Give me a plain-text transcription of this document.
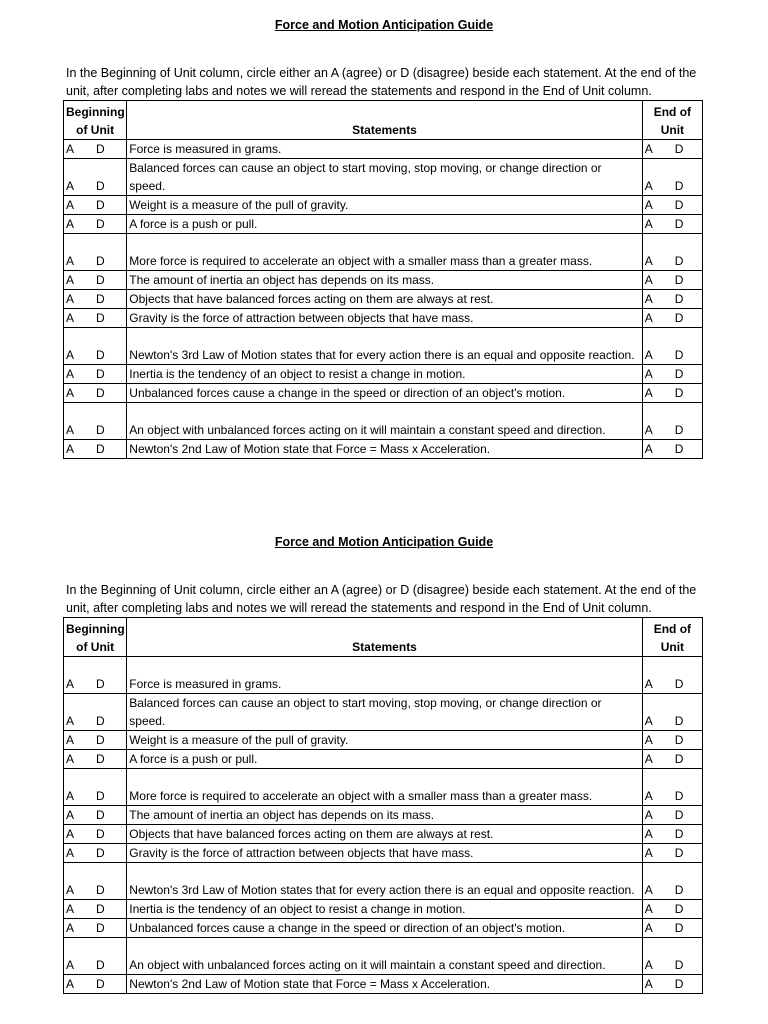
Force and Motion Anticipation Guide
In the Beginning of Unit column, circle either an A (agree) or D (disagree) beside each statement. At the end of the unit, after completing labs and notes we will reread the statements and respond in the End of Unit column.
Beginning of Unit	Statements	End of Unit
A D	Force is measured in grams.	A D
A D	Balanced forces can cause an object to start moving, stop moving, or change direction or speed.	A D
A D	Weight is a measure of the pull of gravity.	A D
A D	A force is a push or pull.	A D
A D	More force is required to accelerate an object with a smaller mass than a greater mass.	A D
A D	The amount of inertia an object has depends on its mass.	A D
A D	Objects that have balanced forces acting on them are always at rest.	A D
A D	Gravity is the force of attraction between objects that have mass.	A D
A D	Newton's 3rd Law of Motion states that for every action there is an equal and opposite reaction.	A D
A D	Inertia is the tendency of an object to resist a change in motion.	A D
A D	Unbalanced forces cause a change in the speed or direction of an object's motion.	A D
A D	An object with unbalanced forces acting on it will maintain a constant speed and direction.	A D
A D	Newton's 2nd Law of Motion state that Force = Mass x Acceleration.	A D
Force and Motion Anticipation Guide
In the Beginning of Unit column, circle either an A (agree) or D (disagree) beside each statement. At the end of the unit, after completing labs and notes we will reread the statements and respond in the End of Unit column.
Beginning of Unit	Statements	End of Unit
A D	Force is measured in grams.	A D
A D	Balanced forces can cause an object to start moving, stop moving, or change direction or speed.	A D
A D	Weight is a measure of the pull of gravity.	A D
A D	A force is a push or pull.	A D
A D	More force is required to accelerate an object with a smaller mass than a greater mass.	A D
A D	The amount of inertia an object has depends on its mass.	A D
A D	Objects that have balanced forces acting on them are always at rest.	A D
A D	Gravity is the force of attraction between objects that have mass.	A D
A D	Newton's 3rd Law of Motion states that for every action there is an equal and opposite reaction.	A D
A D	Inertia is the tendency of an object to resist a change in motion.	A D
A D	Unbalanced forces cause a change in the speed or direction of an object's motion.	A D
A D	An object with unbalanced forces acting on it will maintain a constant speed and direction.	A D
A D	Newton's 2nd Law of Motion state that Force = Mass x Acceleration.	A D
